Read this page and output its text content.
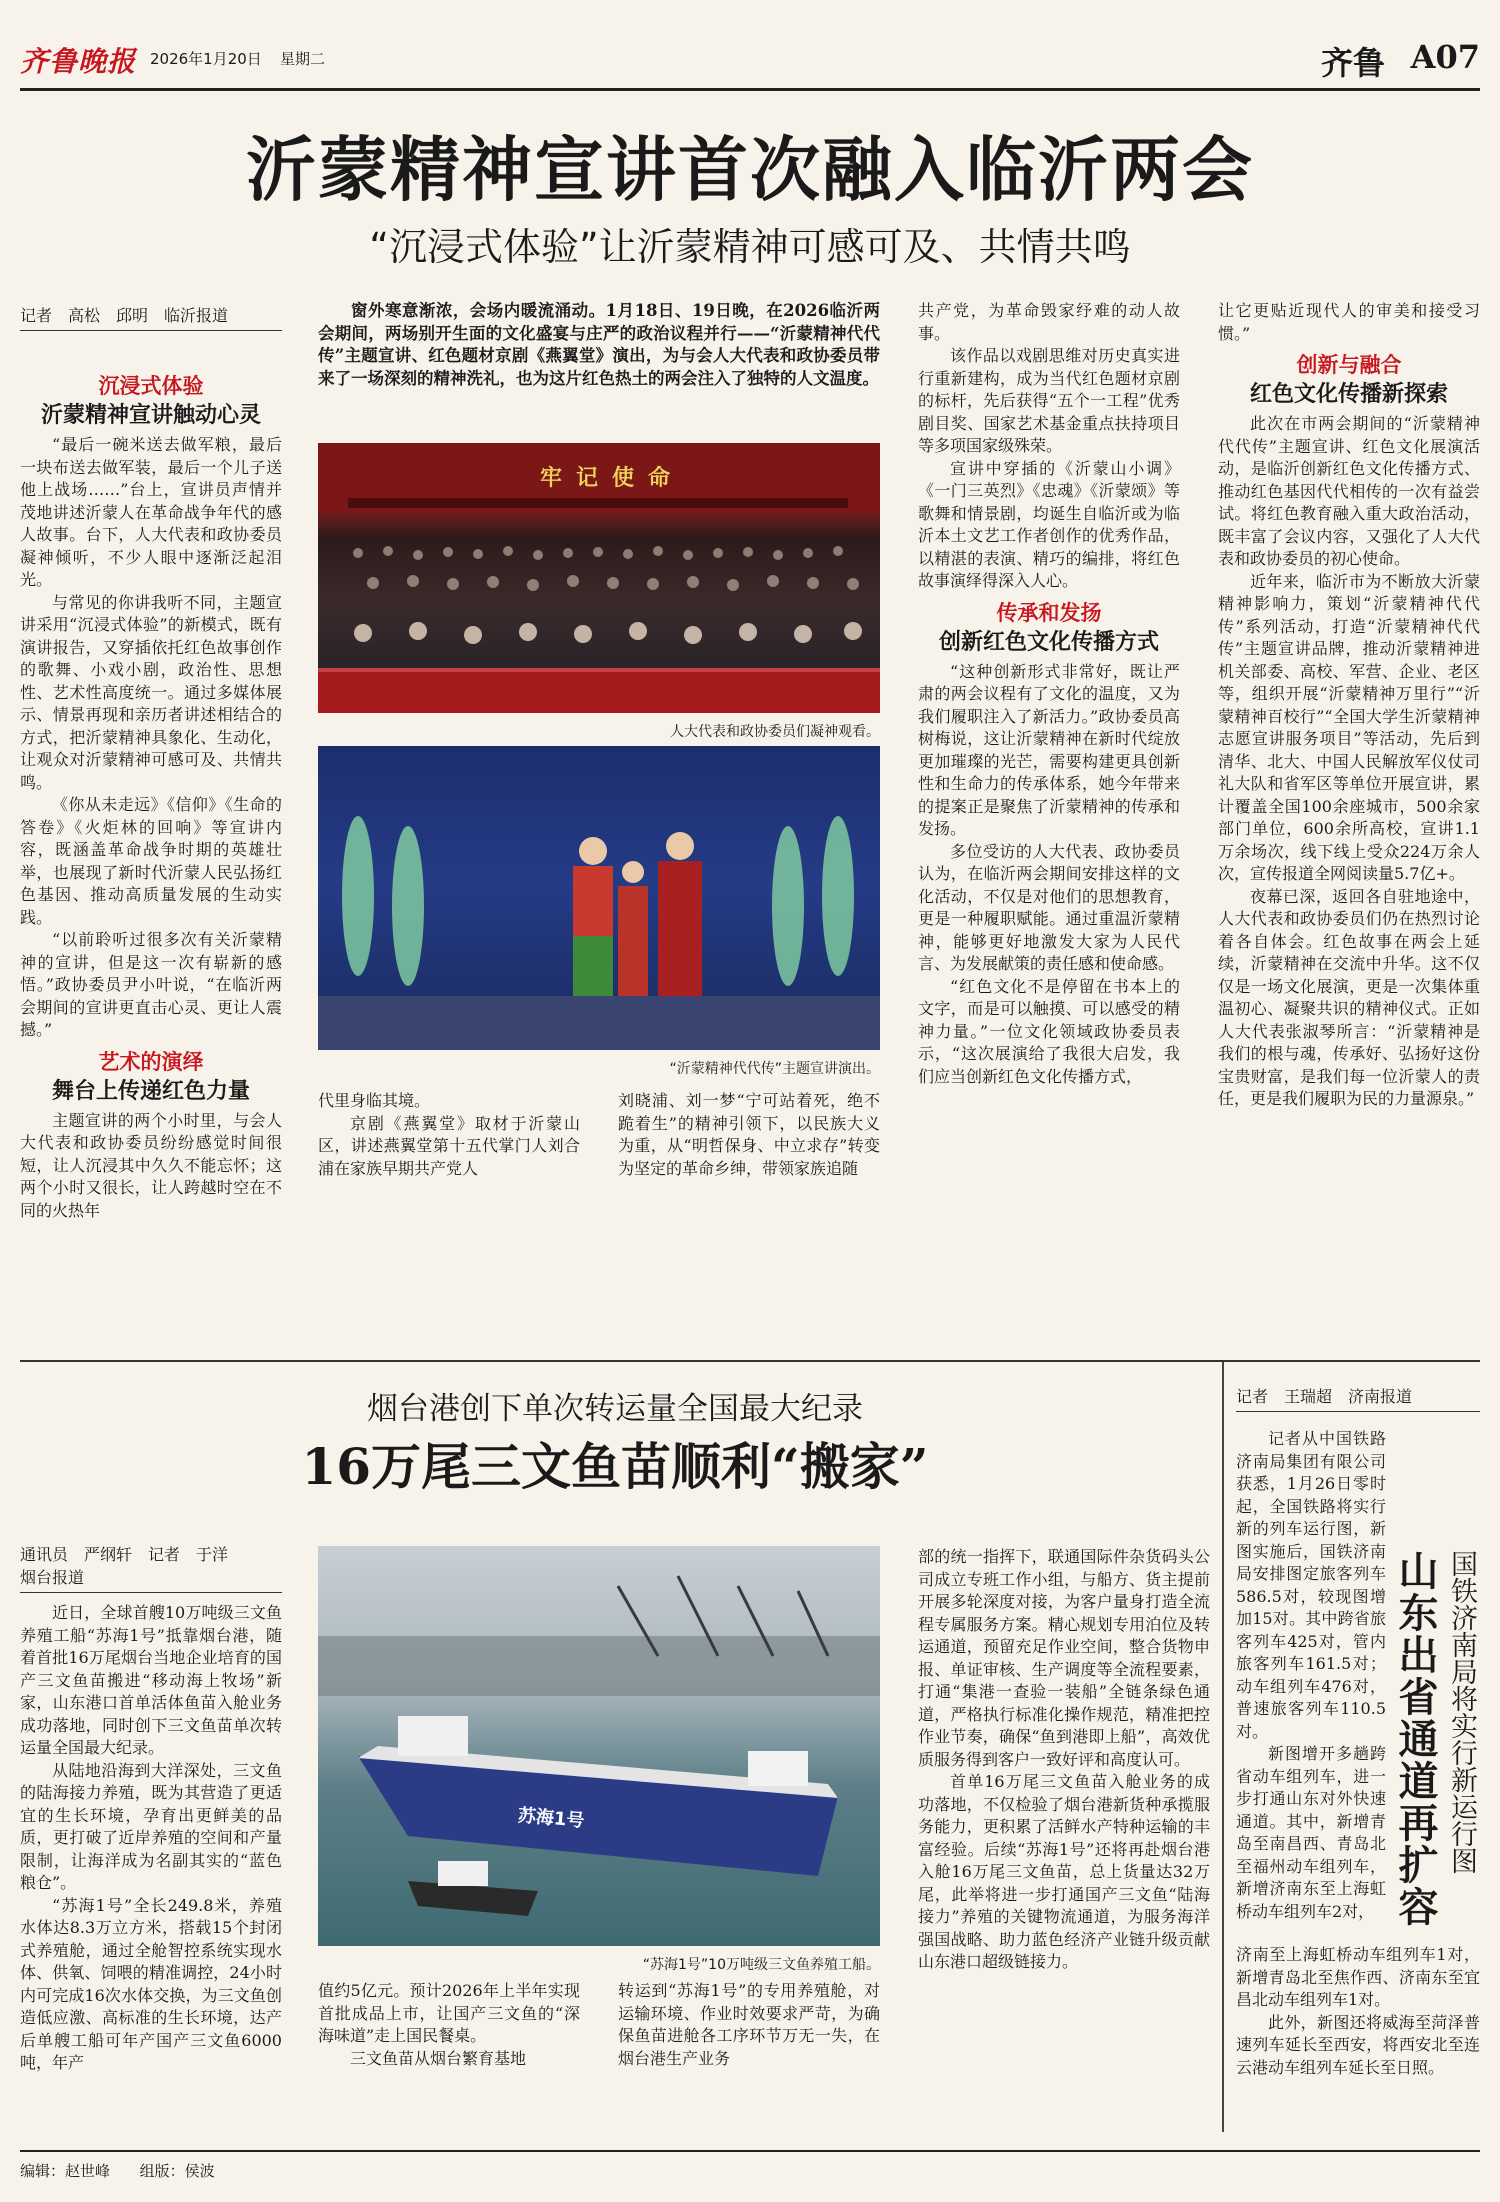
齐鲁晚报 2026年1月20日 星期二	齐鲁 A07
沂蒙精神宣讲首次融入临沂两会
“沉浸式体验”让沂蒙精神可感可及、共情共鸣
记者　高松　邱明　临沂报道
沉浸式体验
沂蒙精神宣讲触动心灵

“最后一碗米送去做军粮，最后一块布送去做军装，最后一个儿子送他上战场……”台上，宣讲员声情并茂地讲述沂蒙人在革命战争年代的感人故事。台下，人大代表和政协委员凝神倾听，不少人眼中逐渐泛起泪光。

与常见的你讲我听不同，主题宣讲采用“沉浸式体验”的新模式，既有演讲报告，又穿插依托红色故事创作的歌舞、小戏小剧，政治性、思想性、艺术性高度统一。通过多媒体展示、情景再现和亲历者讲述相结合的方式，把沂蒙精神具象化、生动化，让观众对沂蒙精神可感可及、共情共鸣。

《你从未走远》《信仰》《生命的答卷》《火炬林的回响》等宣讲内容，既涵盖革命战争时期的英雄壮举，也展现了新时代沂蒙人民弘扬红色基因、推动高质量发展的生动实践。

“以前聆听过很多次有关沂蒙精神的宣讲，但是这一次有崭新的感悟。”政协委员尹小叶说，“在临沂两会期间的宣讲更直击心灵、更让人震撼。”

艺术的演绎
舞台上传递红色力量

主题宣讲的两个小时里，与会人大代表和政协委员纷纷感觉时间很短，让人沉浸其中久久不能忘怀；这两个小时又很长，让人跨越时空在不同的火热年

窗外寒意渐浓，会场内暖流涌动。1月18日、19日晚，在2026临沂两会期间，两场别开生面的文化盛宴与庄严的政治议程并行——“沂蒙精神代代传”主题宣讲、红色题材京剧《燕翼堂》演出，为与会人大代表和政协委员带来了一场深刻的精神洗礼，也为这片红色热土的两会注入了独特的人文温度。

牢记使命
人大代表和政协委员们凝神观看。
“沂蒙精神代代传”主题宣讲演出。

代里身临其境。

京剧《燕翼堂》取材于沂蒙山区，讲述燕翼堂第十五代掌门人刘合浦在家族早期共产党人

刘晓浦、刘一梦“宁可站着死，绝不跪着生”的精神引领下，以民族大义为重，从“明哲保身、中立求存”转变为坚定的革命乡绅，带领家族追随

共产党，为革命毁家纾难的动人故事。

该作品以戏剧思维对历史真实进行重新建构，成为当代红色题材京剧的标杆，先后获得“五个一工程”优秀剧目奖、国家艺术基金重点扶持项目等多项国家级殊荣。

宣讲中穿插的《沂蒙山小调》《一门三英烈》《忠魂》《沂蒙颂》等歌舞和情景剧，均诞生自临沂或为临沂本土文艺工作者创作的优秀作品，以精湛的表演、精巧的编排，将红色故事演绎得深入人心。

传承和发扬
创新红色文化传播方式

“这种创新形式非常好，既让严肃的两会议程有了文化的温度，又为我们履职注入了新活力。”政协委员高树梅说，这让沂蒙精神在新时代绽放更加璀璨的光芒，需要构建更具创新性和生命力的传承体系，她今年带来的提案正是聚焦了沂蒙精神的传承和发扬。

多位受访的人大代表、政协委员认为，在临沂两会期间安排这样的文化活动，不仅是对他们的思想教育，更是一种履职赋能。通过重温沂蒙精神，能够更好地激发大家为人民代言、为发展献策的责任感和使命感。

“红色文化不是停留在书本上的文字，而是可以触摸、可以感受的精神力量。”一位文化领域政协委员表示，“这次展演给了我很大启发，我们应当创新红色文化传播方式，

让它更贴近现代人的审美和接受习惯。”

创新与融合
红色文化传播新探索

此次在市两会期间的“沂蒙精神代代传”主题宣讲、红色文化展演活动，是临沂创新红色文化传播方式、推动红色基因代代相传的一次有益尝试。将红色教育融入重大政治活动，既丰富了会议内容，又强化了人大代表和政协委员的初心使命。

近年来，临沂市为不断放大沂蒙精神影响力，策划“沂蒙精神代代传”系列活动，打造“沂蒙精神代代传”主题宣讲品牌，推动沂蒙精神进机关部委、高校、军营、企业、老区等，组织开展“沂蒙精神万里行”“沂蒙精神百校行”“全国大学生沂蒙精神志愿宣讲服务项目”等活动，先后到清华、北大、中国人民解放军仪仗司礼大队和省军区等单位开展宣讲，累计覆盖全国100余座城市，500余家部门单位，600余所高校，宣讲1.1万余场次，线下线上受众224万余人次，宣传报道全网阅读量5.7亿+。

夜幕已深，返回各自驻地途中，人大代表和政协委员们仍在热烈讨论着各自体会。红色故事在两会上延续，沂蒙精神在交流中升华。这不仅仅是一场文化展演，更是一次集体重温初心、凝聚共识的精神仪式。正如人大代表张淑琴所言：“沂蒙精神是我们的根与魂，传承好、弘扬好这份宝贵财富，是我们每一位沂蒙人的责任，更是我们履职为民的力量源泉。”

烟台港创下单次转运量全国最大纪录
16万尾三文鱼苗顺利“搬家”
通讯员　严纲轩　记者　于洋
烟台报道

近日，全球首艘10万吨级三文鱼养殖工船“苏海1号”抵靠烟台港，随着首批16万尾烟台当地企业培育的国产三文鱼苗搬进“移动海上牧场”新家，山东港口首单活体鱼苗入舱业务成功落地，同时创下三文鱼苗单次转运量全国最大纪录。

从陆地沿海到大洋深处，三文鱼的陆海接力养殖，既为其营造了更适宜的生长环境，孕育出更鲜美的品质，更打破了近岸养殖的空间和产量限制，让海洋成为名副其实的“蓝色粮仓”。

“苏海1号”全长249.8米，养殖水体达8.3万立方米，搭载15个封闭式养殖舱，通过全舱智控系统实现水体、供氧、饲喂的精准调控，24小时内可完成16次水体交换，为三文鱼创造低应激、高标准的生长环境，达产后单艘工船可年产国产三文鱼6000吨，年产

苏海1号
“苏海1号”10万吨级三文鱼养殖工船。

值约5亿元。预计2026年上半年实现首批成品上市，让国产三文鱼的“深海味道”走上国民餐桌。

三文鱼苗从烟台繁育基地

转运到“苏海1号”的专用养殖舱，对运输环境、作业时效要求严苛，为确保鱼苗进舱各工序环节万无一失，在烟台港生产业务

部的统一指挥下，联通国际件杂货码头公司成立专班工作小组，与船方、货主提前开展多轮深度对接，为客户量身打造全流程专属服务方案。精心规划专用泊位及转运通道，预留充足作业空间，整合货物申报、单证审核、生产调度等全流程要素，打通“集港一查验一装船”全链条绿色通道，严格执行标准化操作规范，精准把控作业节奏，确保“鱼到港即上船”，高效优质服务得到客户一致好评和高度认可。

首单16万尾三文鱼苗入舱业务的成功落地，不仅检验了烟台港新货种承揽服务能力，更积累了活鲜水产特种运输的丰富经验。后续“苏海1号”还将再赴烟台港入舱16万尾三文鱼苗，总上货量达32万尾，此举将进一步打通国产三文鱼“陆海接力”养殖的关键物流通道，为服务海洋强国战略、助力蓝色经济产业链升级贡献山东港口超级链接力。

记者　王瑞超　济南报道

记者从中国铁路济南局集团有限公司获悉，1月26日零时起，全国铁路将实行新的列车运行图，新图实施后，国铁济南局安排图定旅客列车586.5对，较现图增加15对。其中跨省旅客列车425对，管内旅客列车161.5对；动车组列车476对，普速旅客列车110.5对。

新图增开多趟跨省动车组列车，进一步打通山东对外快速通道。其中，新增青岛至南昌西、青岛北至福州动车组列车，新增济南东至上海虹桥动车组列车2对， 山东出省通道再扩容 国铁济南局将实行新运行图

济南至上海虹桥动车组列车1对，新增青岛北至焦作西、济南东至宜昌北动车组列车1对。

此外，新图还将威海至菏泽普速列车延长至西安，将西安北至连云港动车组列车延长至日照。

编辑：赵世峰 组版：侯波
